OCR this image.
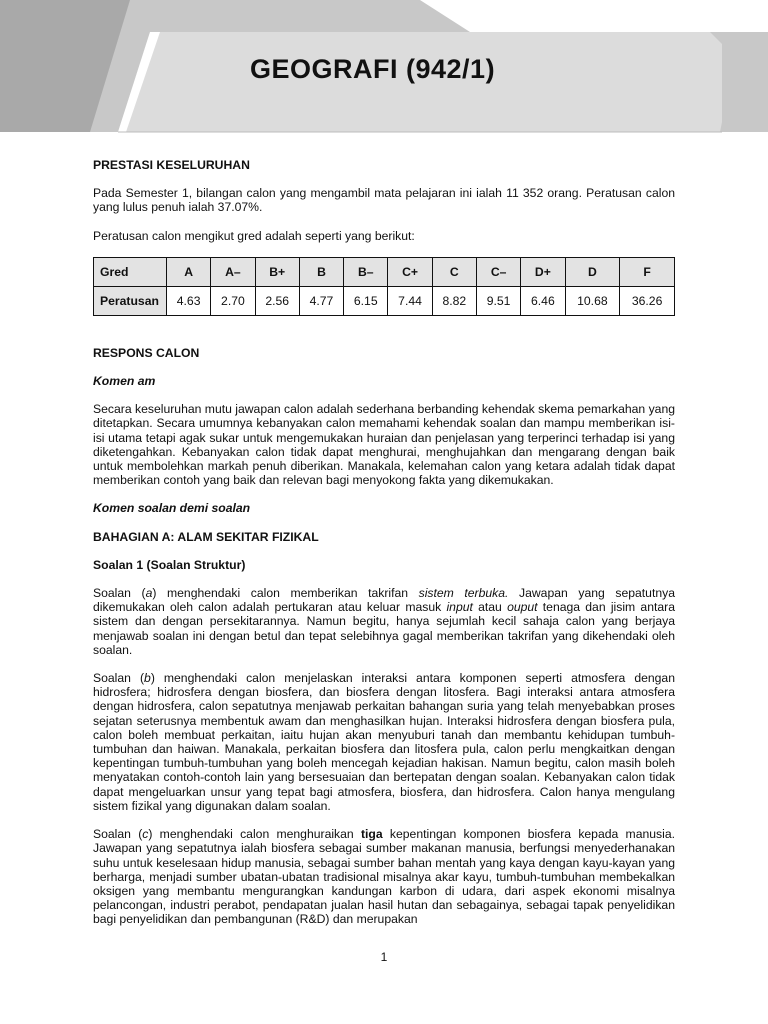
GEOGRAFI (942/1)
PRESTASI KESELURUHAN

Pada Semester 1, bilangan calon yang mengambil mata pelajaran ini ialah 11 352 orang. Peratusan calon yang lulus penuh ialah 37.07%.

Peratusan calon mengikut gred adalah seperti yang berikut:

Gred	A	A–	B+	B	B–	C+	C	C–	D+	D	F
Peratusan	4.63	2.70	2.56	4.77	6.15	7.44	8.82	9.51	6.46	10.68	36.26
RESPONS CALON
Komen am

Secara keseluruhan mutu jawapan calon adalah sederhana berbanding kehendak skema pemarkahan yang ditetapkan. Secara umumnya kebanyakan calon memahami kehendak soalan dan mampu memberikan isi-isi utama tetapi agak sukar untuk mengemukakan huraian dan penjelasan yang terperinci terhadap isi yang diketengahkan. Kebanyakan calon tidak dapat menghurai, menghujahkan dan mengarang dengan baik untuk membolehkan markah penuh diberikan. Manakala, kelemahan calon yang ketara adalah tidak dapat memberikan contoh yang baik dan relevan bagi menyokong fakta yang dikemukakan.

Komen soalan demi soalan
BAHAGIAN A: ALAM SEKITAR FIZIKAL
Soalan 1 (Soalan Struktur)

Soalan (a) menghendaki calon memberikan takrifan sistem terbuka. Jawapan yang sepatutnya dikemukakan oleh calon adalah pertukaran atau keluar masuk input atau ouput tenaga dan jisim antara sistem dan dengan persekitarannya. Namun begitu, hanya sejumlah kecil sahaja calon yang berjaya menjawab soalan ini dengan betul dan tepat selebihnya gagal memberikan takrifan yang dikehendaki oleh soalan.

Soalan (b) menghendaki calon menjelaskan interaksi antara komponen seperti atmosfera dengan hidrosfera; hidrosfera dengan biosfera, dan biosfera dengan litosfera. Bagi interaksi antara atmosfera dengan hidrosfera, calon sepatutnya menjawab perkaitan bahangan suria yang telah menyebabkan proses sejatan seterusnya membentuk awam dan menghasilkan hujan. Interaksi hidrosfera dengan biosfera pula, calon boleh membuat perkaitan, iaitu hujan akan menyuburi tanah dan membantu kehidupan tumbuh-tumbuhan dan haiwan. Manakala, perkaitan biosfera dan litosfera pula, calon perlu mengkaitkan dengan kepentingan tumbuh-tumbuhan yang boleh mencegah kejadian hakisan. Namun begitu, calon masih boleh menyatakan contoh-contoh lain yang bersesuaian dan bertepatan dengan soalan. Kebanyakan calon tidak dapat mengeluarkan unsur yang tepat bagi atmosfera, biosfera, dan hidrosfera. Calon hanya mengulang sistem fizikal yang digunakan dalam soalan.

Soalan (c) menghendaki calon menghuraikan tiga kepentingan komponen biosfera kepada manusia. Jawapan yang sepatutnya ialah biosfera sebagai sumber makanan manusia, berfungsi menyederhanakan suhu untuk keselesaan hidup manusia, sebagai sumber bahan mentah yang kaya dengan kayu-kayan yang berharga, menjadi sumber ubatan-ubatan tradisional misalnya akar kayu, tumbuh-tumbuhan membekalkan oksigen yang membantu mengurangkan kandungan karbon di udara, dari aspek ekonomi misalnya pelancongan, industri perabot, pendapatan jualan hasil hutan dan sebagainya, sebagai tapak penyelidikan bagi penyelidikan dan pembangunan (R&D) dan merupakan

1
